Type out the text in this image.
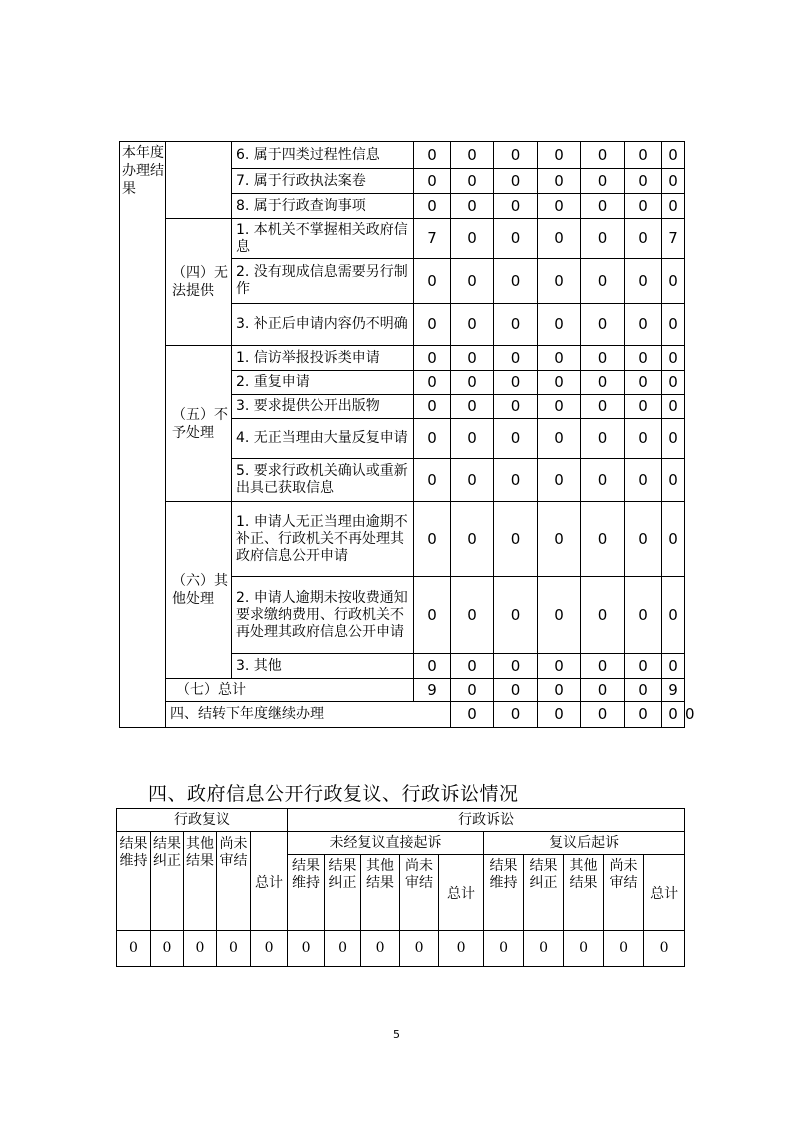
本年度办理结果		6. 属于四类过程性信息	0	0	0	0	0	0	0	
		7. 属于行政执法案卷	0	0	0	0	0	0	0	
		8. 属于行政查询事项	0	0	0	0	0	0	0	
	（四）无法提供	1. 本机关不掌握相关政府信息	7	0	0	0	0	0	7	
		2. 没有现成信息需要另行制作	0	0	0	0	0	0	0	
		3. 补正后申请内容仍不明确	0	0	0	0	0	0	0	
	（五）不予处理	1. 信访举报投诉类申请	0	0	0	0	0	0	0	
		2. 重复申请	0	0	0	0	0	0	0	
		3. 要求提供公开出版物	0	0	0	0	0	0	0	
		4. 无正当理由大量反复申请	0	0	0	0	0	0	0	
		5. 要求行政机关确认或重新出具已获取信息	0	0	0	0	0	0	0	
	（六）其他处理	1. 申请人无正当理由逾期不补正、行政机关不再处理其政府信息公开申请	0	0	0	0	0	0	0	
		2. 申请人逾期未按收费通知要求缴纳费用、行政机关不再处理其政府信息公开申请	0	0	0	0	0	0	0	
		3. 其他	0	0	0	0	0	0	0	
	（七）总计		9	0	0	0	0	0	9	
	四、结转下年度继续办理			0	0	0	0	0	0	0
四、政府信息公开行政复议、行政诉讼情况
行政复议					行政诉讼									
结果维持	结果纠正	其他结果	尚未审结	总计	未经复议直接起诉					复议后起诉				
					结果维持	结果纠正	其他结果	尚未审结	总计	结果维持	结果纠正	其他结果	尚未审结	总计
0	0	0	0	0	0	0	0	0	0	0	0	0	0	0
5
